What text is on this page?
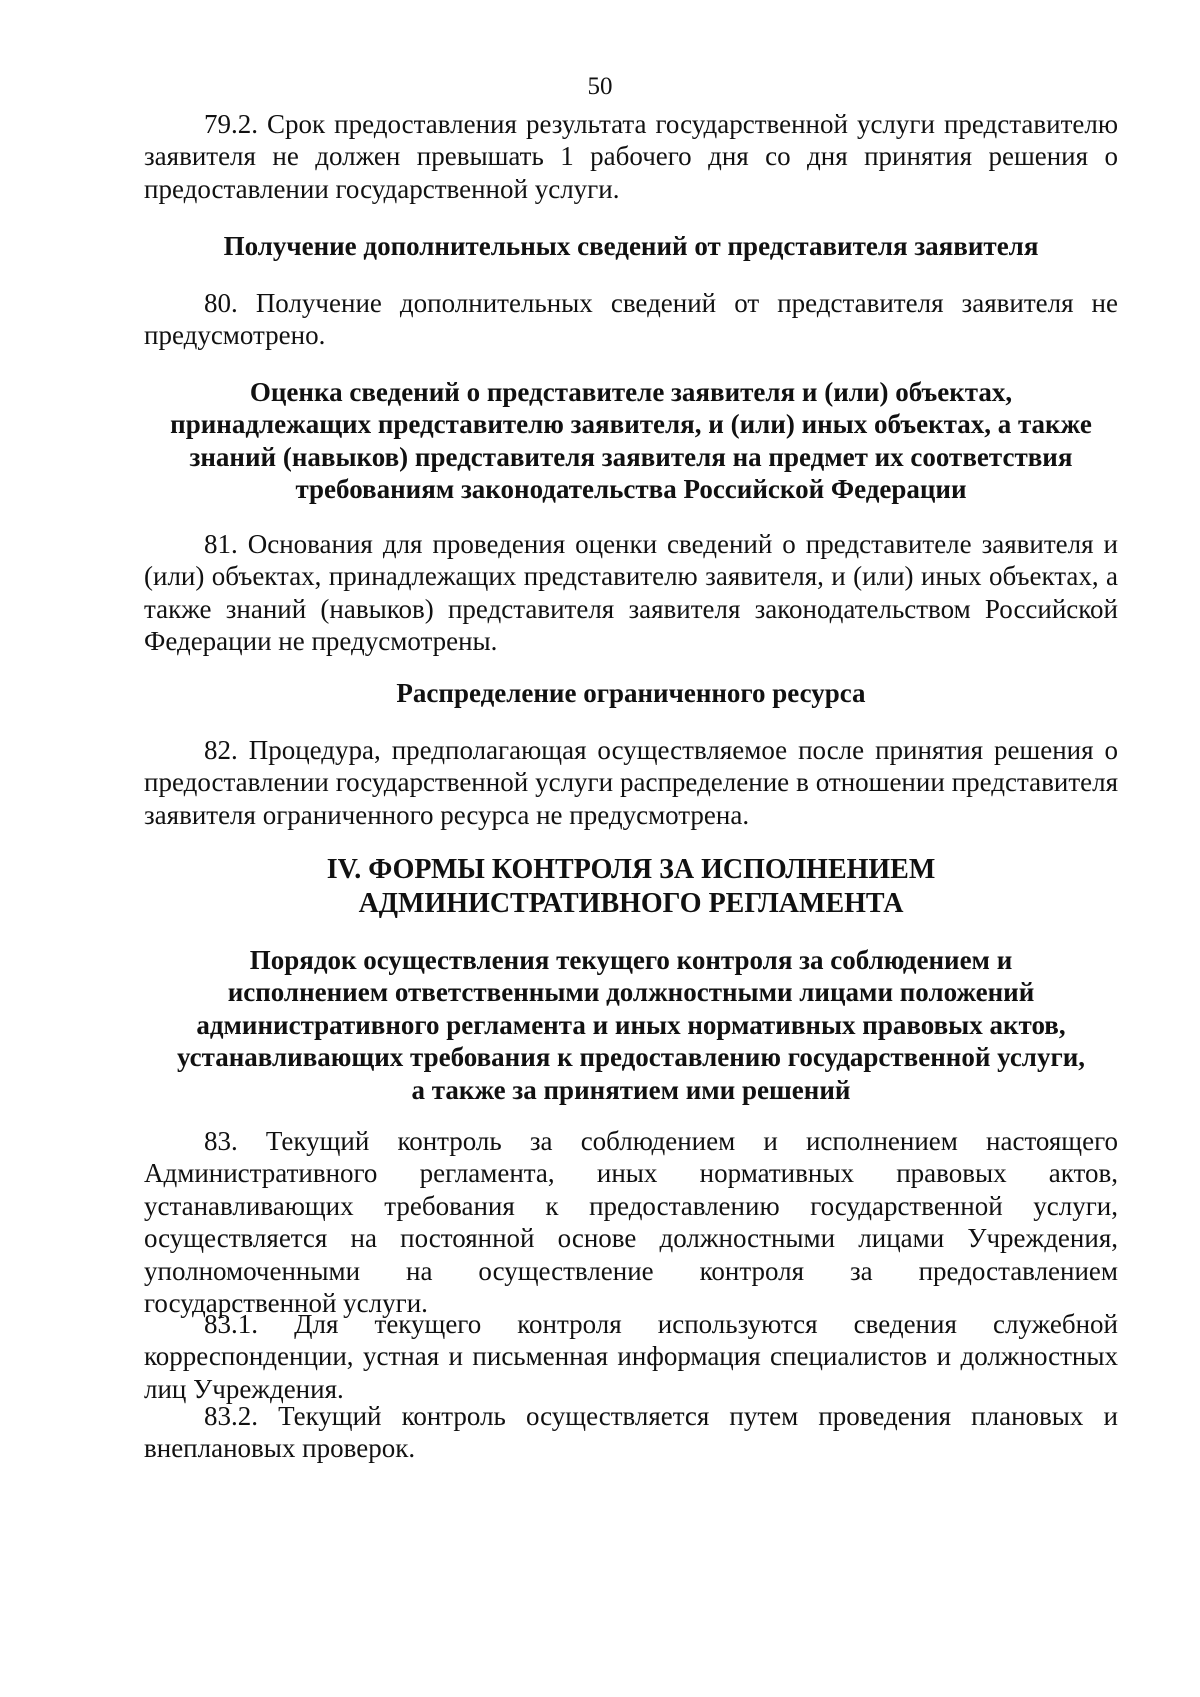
50

79.2. Срок предоставления результата государственной услуги представителю заявителя не должен превышать 1 рабочего дня со дня принятия решения о предоставлении государственной услуги.

Получение дополнительных сведений от представителя заявителя

80. Получение дополнительных сведений от представителя заявителя не предусмотрено.

Оценка сведений о представителе заявителя и (или) объектах,
принадлежащих представителю заявителя, и (или) иных объектах, а также
знаний (навыков) представителя заявителя на предмет их соответствия
требованиям законодательства Российской Федерации

81. Основания для проведения оценки сведений о представителе заявителя и (или) объектах, принадлежащих представителю заявителя, и (или) иных объектах, а также знаний (навыков) представителя заявителя законодательством Российской Федерации не предусмотрены.

Распределение ограниченного ресурса

82. Процедура, предполагающая осуществляемое после принятия решения о предоставлении государственной услуги распределение в отношении представителя заявителя ограниченного ресурса не предусмотрена.

IV. ФОРМЫ КОНТРОЛЯ ЗА ИСПОЛНЕНИЕМ
АДМИНИСТРАТИВНОГО РЕГЛАМЕНТА

Порядок осуществления текущего контроля за соблюдением и
исполнением ответственными должностными лицами положений
административного регламента и иных нормативных правовых актов,
устанавливающих требования к предоставлению государственной услуги,
а также за принятием ими решений

83. Текущий контроль за соблюдением и исполнением настоящего Административного регламента, иных нормативных правовых актов, устанавливающих требования к предоставлению государственной услуги, осуществляется на постоянной основе должностными лицами Учреждения, уполномоченными на осуществление контроля за предоставлением государственной услуги.

83.1. Для текущего контроля используются сведения служебной корреспонденции, устная и письменная информация специалистов и должностных лиц Учреждения.

83.2. Текущий контроль осуществляется путем проведения плановых и внеплановых проверок.
